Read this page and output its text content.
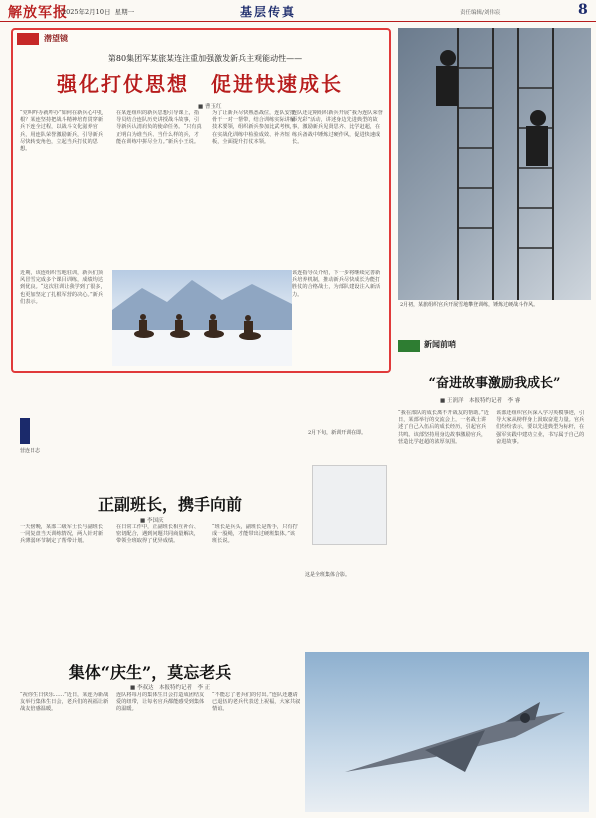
解放军报
2025年2月10日 星期一	基层传真	责任编辑/刘伟宸	8
潜望镜
第80集团军某旅某连注重加强激发新兵主观能动性——
强化打仗思想　促进快速成长
■ 曹玉红
“党叫咋办就咋办”如何在新兵心中扎根？某连坚持把战斗精神培育贯穿新兵下连全过程，以战斗文化滋养官兵，用连队荣誉激励新兵，引导新兵尽快转变角色，立起当兵打仗的思想。
在某连组织的新兵思想引导课上，指导员结合连队历史讲授战斗故事，引导新兵认清肩负的使命任务。“只有真正明白为谁当兵、当什么样的兵，才能在训练中拼尽全力。”新兵小王说。
为了让新兵尽快熟悉战位，连队安排骨干一对一帮带，结合训练实际讲解技术要领，组织新兵参加比武考核，在实战化训练中检验成效、补齐短板，全面提升打仗本领。
连队还定期组织新兵开展“我为连队荣誉添光彩”活动，讲述身边先进典型的故事，激励新兵见贤思齐、比学赶超，在练兵备战中锤炼过硬作风，促进快速成长。
近期，该连组织雪地驻训，新兵们顶风冒雪完成多个课目训练，成绩均达到优良。“这次驻训让我学到了很多，也更加坚定了扎根军营的决心。”新兵们表示。
该连指导员介绍，下一步将继续完善新兵培养机制，推动新兵尽快成长为能打胜仗的合格战士，为部队建设注入新活力。
2月初，某旅组织官兵开展雪地攀登训练，锤炼过硬战斗作风。
新闻前哨
“奋进故事激励我成长”
■ 王润洋　本报特约记者　李 睿
“我在部队的成长离不开战友的帮助。”近日，某部举行的交流会上，一名战士讲述了自己入伍后的成长经历，引起官兵共鸣。该部坚持用身边故事激励官兵，营造比学赶超的浓厚氛围。
该部还组织官兵深入学习英模事迹，引导大家从榜样身上汲取奋进力量。官兵们纷纷表示，要以先进典型为标杆，在强军实践中建功立业，书写属于自己的奋进故事。
营连日志
正副班长，携手向前
■ 李国庆
一天傍晚，某部二级军士长与副班长一同复盘当天训练情况，两人针对新兵薄弱环节制定了帮带计划。
在日常工作中，正副班长相互补台、密切配合，遇到问题共同商量解决，带领全班取得了优异成绩。
“班长是兵头，副班长是帮手，只有拧成一股绳，才能带出过硬班集体。”该班长说。
2月下旬，新训开训在即。
这是全班集体合影。
集体“庆生”，莫忘老兵
■ 李叔达　本报特约记者　李 正
“祝你生日快乐……”近日，某连为新战友举行集体生日会，老兵们的祝福让新战友倍感温暖。
连队将每月的集体生日会打造成团结友爱的纽带，让每名官兵都能感受到集体的温暖。
“不能忘了老兵们的付出。”连队还邀请已退伍的老兵代表送上祝福，大家共叙情谊。
